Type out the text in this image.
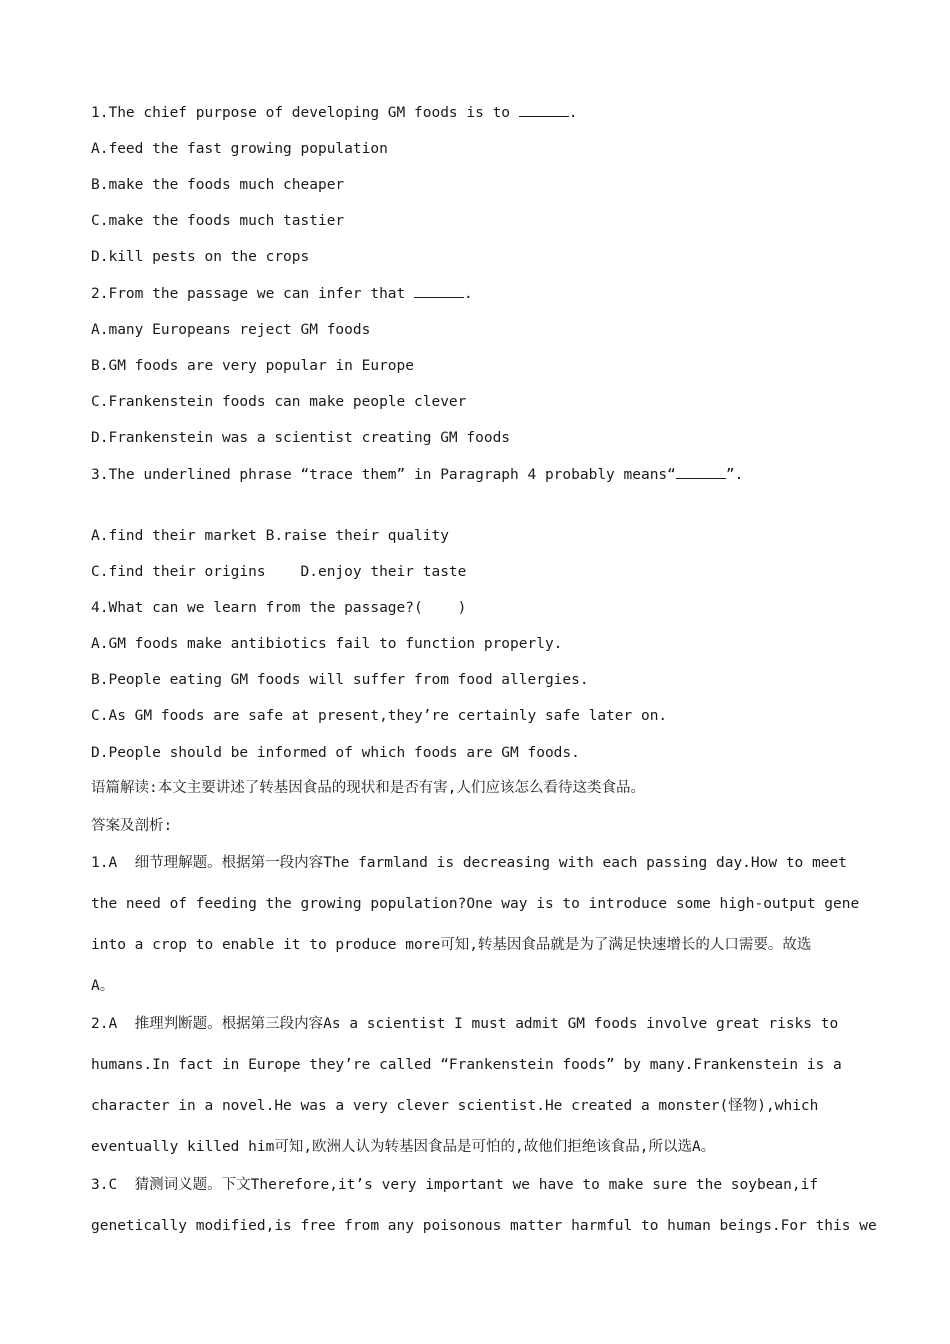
1.The chief purpose of developing GM foods is to	.
A.feed the fast growing population
B.make the foods much cheaper
C.make the foods much tastier
D.kill pests on the crops
2.From the passage we can infer that	.
A.many Europeans reject GM foods
B.GM foods are very popular in Europe
C.Frankenstein foods can make people clever
D.Frankenstein was a scientist creating GM foods
3.The underlined phrase “trace them” in Paragraph 4 probably means“	”.
A.find their market B.raise their quality
C.find their origins    D.enjoy their taste
4.What can we learn from the passage?(    )
A.GM foods make antibiotics fail to function properly.
B.People eating GM foods will suffer from food allergies.
C.As GM foods are safe at present,they’re certainly safe later on.
D.People should be informed of which foods are GM foods.
语篇解读:本文主要讲述了转基因食品的现状和是否有害,人们应该怎么看待这类食品。
答案及剖析:
1.A  细节理解题。根据第一段内容The farmland is decreasing with each passing day.How to meet
the need of feeding the growing population?One way is to introduce some high-output gene
into a crop to enable it to produce more可知,转基因食品就是为了满足快速增长的人口需要。故选
A。
2.A  推理判断题。根据第三段内容As a scientist I must admit GM foods involve great risks to
humans.In fact in Europe they’re called “Frankenstein foods” by many.Frankenstein is a
character in a novel.He was a very clever scientist.He created a monster(怪物),which
eventually killed him可知,欧洲人认为转基因食品是可怕的,故他们拒绝该食品,所以选A。
3.C  猜测词义题。下文Therefore,it’s very important we have to make sure the soybean,if
genetically modified,is free from any poisonous matter harmful to human beings.For this we
